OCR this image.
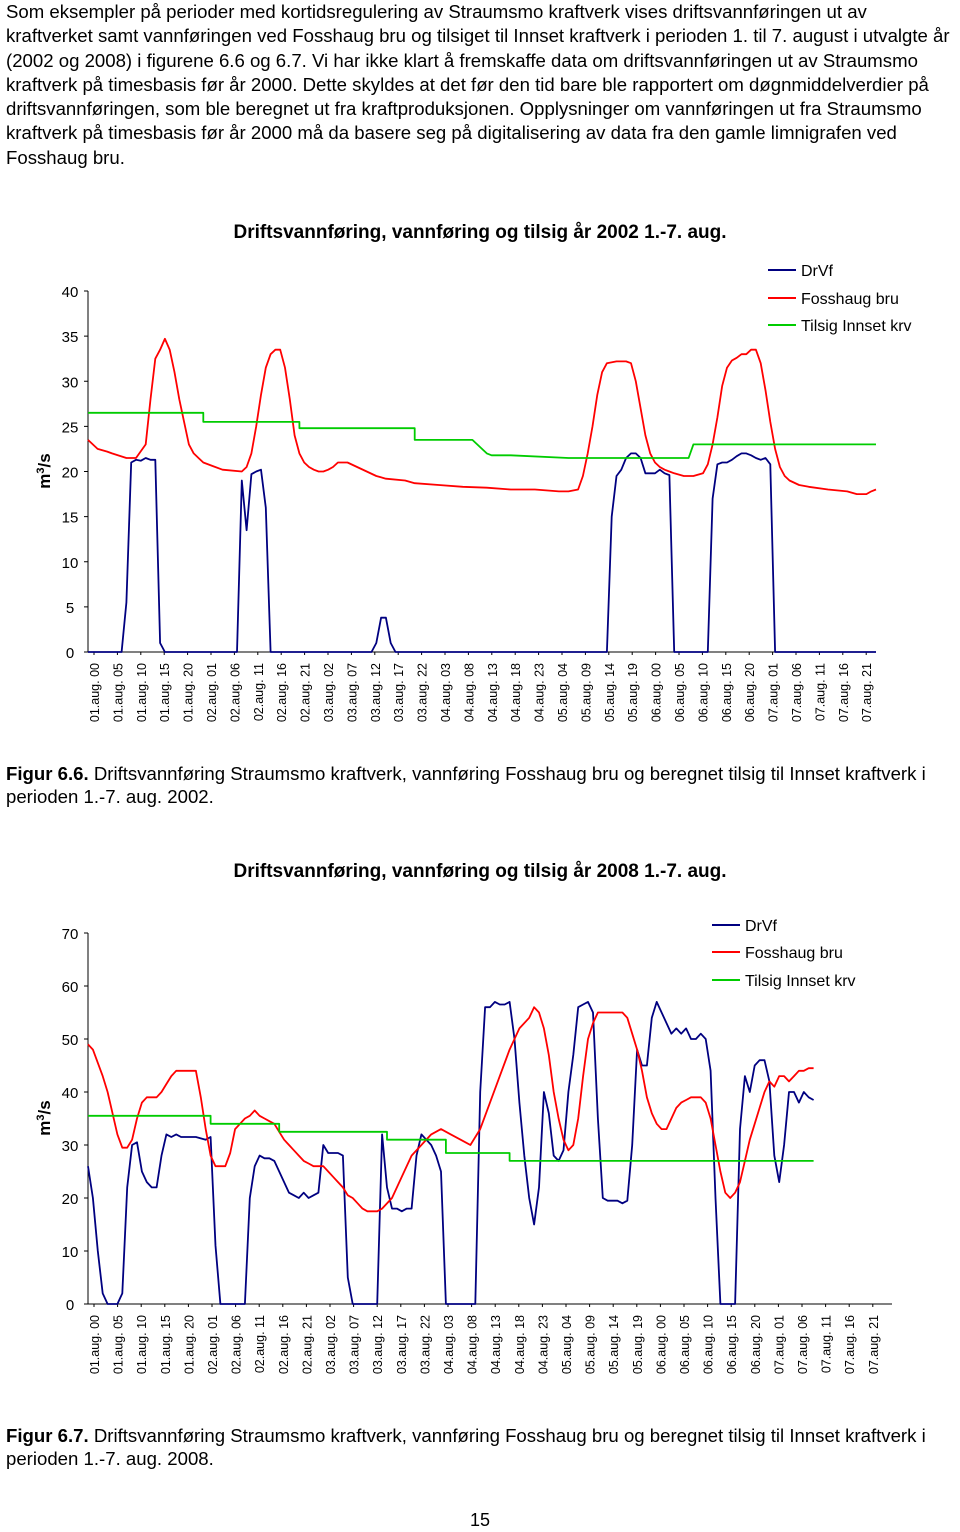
Som eksempler på perioder med kortidsregulering av Straumsmo kraftverk vises driftsvannføringen ut av kraftverket samt vannføringen ved Fosshaug bru og tilsiget til Innset kraftverk i perioden 1. til 7. august i utvalgte år (2002 og 2008) i figurene 6.6 og 6.7. Vi har ikke klart å fremskaffe data om driftsvannføringen ut av Straumsmo kraftverk på timesbasis før år 2000. Dette skyldes at det før den tid bare ble rapportert om døgnmiddelverdier på driftsvannføringen, som ble beregnet ut fra kraftproduksjonen. Opplysninger om vannføringen ut fra Straumsmo kraftverk på timesbasis før år 2000 må da basere seg på digitalisering av data fra den gamle limnigrafen ved Fosshaug bru.
Driftsvannføring, vannføring og tilsig år 2002 1.-7. aug.
0
5
10
15
20
25
30
35
40
$m^3/s$
01.aug. 00 01.aug. 05 01.aug. 10 01.aug. 15 01.aug. 20 02.aug. 01 02.aug. 06 02.aug. 11 02.aug. 16 02.aug. 21 03.aug. 02 03.aug. 07 03.aug. 12 03.aug. 17 03.aug. 22 04.aug. 03 04.aug. 08 04.aug. 13 04.aug. 18 04.aug. 23 05.aug. 04 05.aug. 09 05.aug. 14 05.aug. 19 06.aug. 00 06.aug. 05 06.aug. 10 06.aug. 15 06.aug. 20 07.aug. 01 07.aug. 06 07.aug. 11 07.aug. 16 07.aug. 21
DrVf
Fosshaug bru
Tilsig Innset krv
Figur 6.6. Driftsvannføring Straumsmo kraftverk, vannføring Fosshaug bru og beregnet tilsig til Innset kraftverk i perioden 1.-7. aug. 2002.
Driftsvannføring, vannføring og tilsig år 2008 1.-7. aug.
0
10
20
30
40
50
60
70
$m^3/s$
01.aug. 00 01.aug. 05 01.aug. 10 01.aug. 15 01.aug. 20 02.aug. 01 02.aug. 06 02.aug. 11 02.aug. 16 02.aug. 21 03.aug. 02 03.aug. 07 03.aug. 12 03.aug. 17 03.aug. 22 04.aug. 03 04.aug. 08 04.aug. 13 04.aug. 18 04.aug. 23 05.aug. 04 05.aug. 09 05.aug. 14 05.aug. 19 06.aug. 00 06.aug. 05 06.aug. 10 06.aug. 15 06.aug. 20 07.aug. 01 07.aug. 06 07.aug. 11 07.aug. 16 07.aug. 21
DrVf
Fosshaug bru
Tilsig Innset krv
Figur 6.7. Driftsvannføring Straumsmo kraftverk, vannføring Fosshaug bru og beregnet tilsig til Innset kraftverk i perioden 1.-7. aug. 2008.
15
